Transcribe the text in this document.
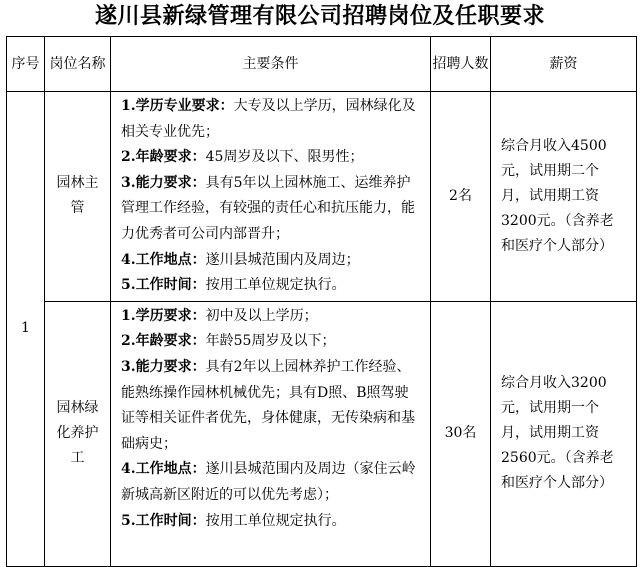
遂川县新绿管理有限公司招聘岗位及任职要求
序号	岗位名称	主要条件	招聘人数	薪资
1	园林主管	1.学历专业要求：大专及以上学历，园林绿化及相关专业优先；
2.年龄要求：45周岁及以下、限男性；
3.能力要求：具有5年以上园林施工、运维养护管理工作经验，有较强的责任心和抗压能力，能力优秀者可公司内部晋升；
4.工作地点：遂川县城范围内及周边；
5.工作时间：按用工单位规定执行。	2名	综合月收入4500元，试用期二个月，试用期工资3200元。（含养老和医疗个人部分）
	园林绿化养护工	1.学历要求：初中及以上学历；
2.年龄要求：年龄55周岁及以下；
3.能力要求：具有2年以上园林养护工作经验、能熟练操作园林机械优先；具有D照、B照驾驶证等相关证件者优先，身体健康，无传染病和基础病史；
4.工作地点：遂川县城范围内及周边（家住云岭新城高新区附近的可以优先考虑）；
5.工作时间：按用工单位规定执行。	30名	综合月收入3200元，试用期一个月，试用期工资2560元。（含养老和医疗个人部分）
